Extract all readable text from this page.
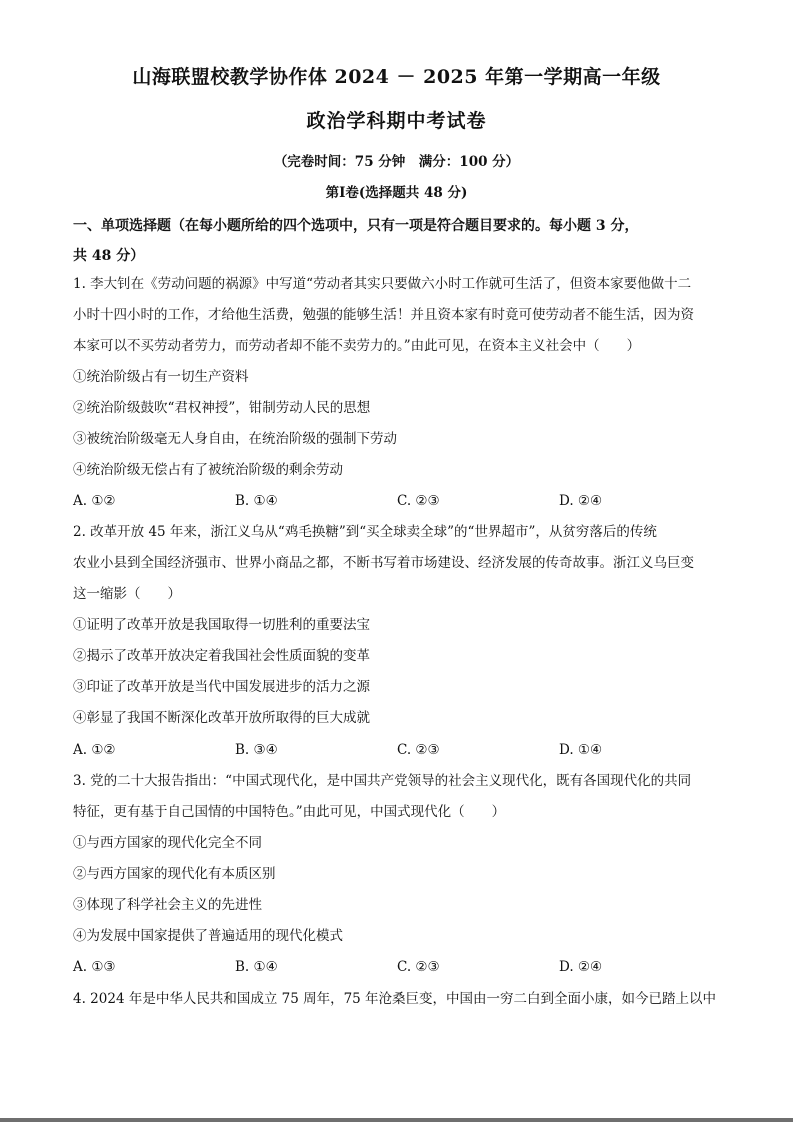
山海联盟校教学协作体 2024 － 2025 年第一学期高一年级
政治学科期中考试卷
（完卷时间：75 分钟　满分：100 分）
第Ⅰ卷(选择题共 48 分)
一、单项选择题（在每小题所给的四个选项中，只有一项是符合题目要求的。每小题 3 分，
共 48 分）
1. 李大钊在《劳动问题的祸源》中写道“劳动者其实只要做六小时工作就可生活了，但资本家要他做十二
小时十四小时的工作，才给他生活费，勉强的能够生活！并且资本家有时竟可使劳动者不能生活，因为资
本家可以不买劳动者劳力，而劳动者却不能不卖劳力的。”由此可见，在资本主义社会中（　　）
①统治阶级占有一切生产资料
②统治阶级鼓吹“君权神授”，钳制劳动人民的思想
③被统治阶级毫无人身自由，在统治阶级的强制下劳动
④统治阶级无偿占有了被统治阶级的剩余劳动
A. ①②	B. ①④	C. ②③	D. ②④
2. 改革开放 45 年来，浙江义乌从“鸡毛换糖”到“买全球卖全球”的“世界超市”，从贫穷落后的传统
农业小县到全国经济强市、世界小商品之都，不断书写着市场建设、经济发展的传奇故事。浙江义乌巨变
这一缩影（　　）
①证明了改革开放是我国取得一切胜利的重要法宝
②揭示了改革开放决定着我国社会性质面貌的变革
③印证了改革开放是当代中国发展进步的活力之源
④彰显了我国不断深化改革开放所取得的巨大成就
A. ①②	B. ③④	C. ②③	D. ①④
3. 党的二十大报告指出：“中国式现代化，是中国共产党领导的社会主义现代化，既有各国现代化的共同
特征，更有基于自己国情的中国特色。”由此可见，中国式现代化（　　）
①与西方国家的现代化完全不同
②与西方国家的现代化有本质区别
③体现了科学社会主义的先进性
④为发展中国家提供了普遍适用的现代化模式
A. ①③	B. ①④	C. ②③	D. ②④
4. 2024 年是中华人民共和国成立 75 周年，75 年沧桑巨变，中国由一穷二白到全面小康，如今已踏上以中
